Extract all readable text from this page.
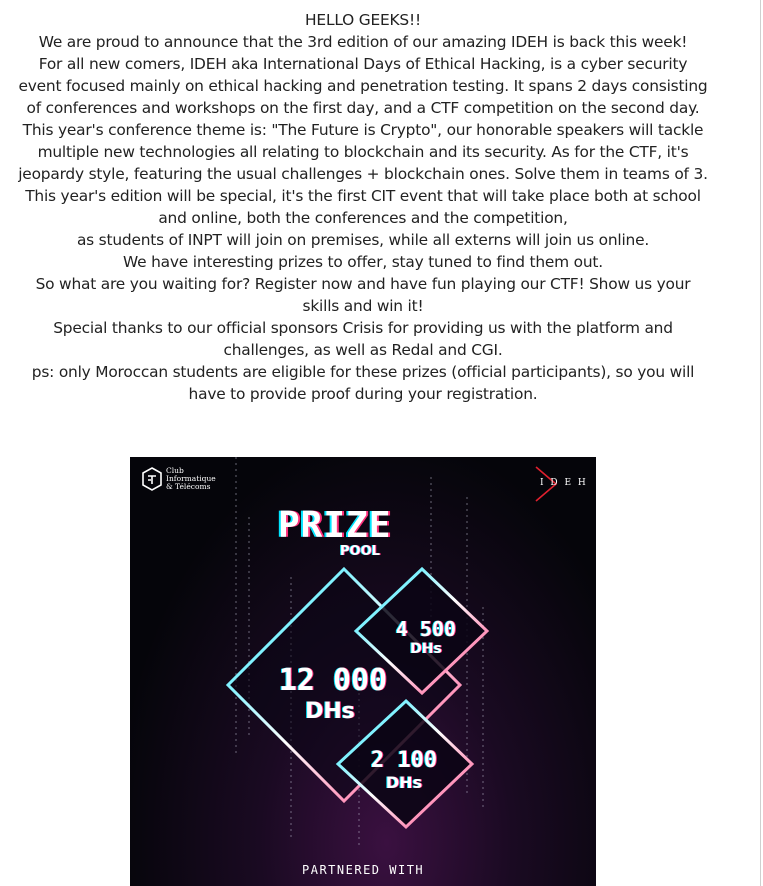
HELLO GEEKS!!

We are proud to announce that the 3rd edition of our amazing IDEH is back this week!

For all new comers, IDEH aka International Days of Ethical Hacking, is a cyber security

event focused mainly on ethical hacking and penetration testing. It spans 2 days consisting

of conferences and workshops on the first day, and a CTF competition on the second day.

This year's conference theme is: "The Future is Crypto", our honorable speakers will tackle

multiple new technologies all relating to blockchain and its security. As for the CTF, it's

jeopardy style, featuring the usual challenges + blockchain ones. Solve them in teams of 3.

This year's edition will be special, it's the first CIT event that will take place both at school

and online, both the conferences and the competition,

as students of INPT will join on premises, while all externs will join us online.

We have interesting prizes to offer, stay tuned to find them out.

So what are you waiting for? Register now and have fun playing our CTF! Show us your

skills and win it!

Special thanks to our official sponsors Crisis for providing us with the platform and

challenges, as well as Redal and CGI.

ps: only Moroccan students are eligible for these prizes (official participants), so you will

have to provide proof during your registration.

Club
Informatique
& Télécoms	I D E H
PRIZE
POOL
12 000
DHs
4 500
DHs
2 100
DHs
PARTNERED WITH
